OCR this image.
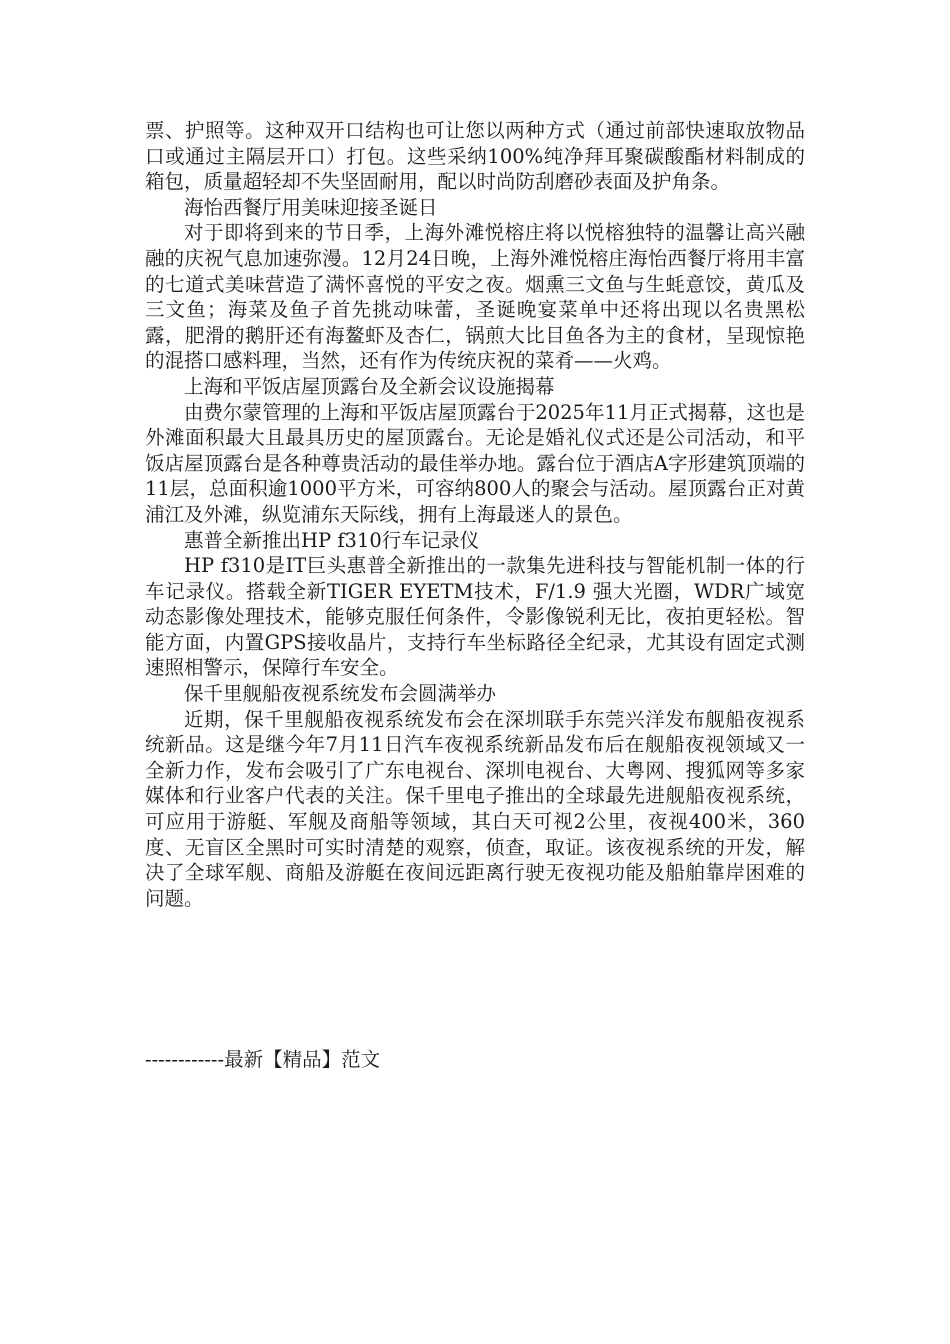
票、护照等。这种双开口结构也可让您以两种方式（通过前部快速取放物品口或通过主隔层开口）打包。这些采纳100%纯净拜耳聚碳酸酯材料制成的箱包，质量超轻却不失坚固耐用，配以时尚防刮磨砂表面及护角条。

海怡西餐厅用美味迎接圣诞日

对于即将到来的节日季，上海外滩悦榕庄将以悦榕独特的温馨让高兴融融的庆祝气息加速弥漫。12月24日晚，上海外滩悦榕庄海怡西餐厅将用丰富的七道式美味营造了满怀喜悦的平安之夜。烟熏三文鱼与生蚝意饺，黄瓜及三文鱼；海菜及鱼子首先挑动味蕾，圣诞晚宴菜单中还将出现以名贵黑松露，肥滑的鹅肝还有海鳌虾及杏仁，锅煎大比目鱼各为主的食材，呈现惊艳的混搭口感料理，当然，还有作为传统庆祝的菜肴——火鸡。

上海和平饭店屋顶露台及全新会议设施揭幕

由费尔蒙管理的上海和平饭店屋顶露台于2025年11月正式揭幕，这也是外滩面积最大且最具历史的屋顶露台。无论是婚礼仪式还是公司活动，和平饭店屋顶露台是各种尊贵活动的最佳举办地。露台位于酒店A字形建筑顶端的11层，总面积逾1000平方米，可容纳800人的聚会与活动。屋顶露台正对黄浦江及外滩，纵览浦东天际线，拥有上海最迷人的景色。

惠普全新推出HP f310行车记录仪

HP f310是IT巨头惠普全新推出的一款集先进科技与智能机制一体的行车记录仪。搭载全新TIGER EYETM技术，F/1.9 强大光圈，WDR广域宽动态影像处理技术，能够克服任何条件，令影像锐利无比，夜拍更轻松。智能方面，内置GPS接收晶片，支持行车坐标路径全纪录，尤其设有固定式测速照相警示，保障行车安全。

保千里舰船夜视系统发布会圆满举办

近期，保千里舰船夜视系统发布会在深圳联手东莞兴洋发布舰船夜视系统新品。这是继今年7月11日汽车夜视系统新品发布后在舰船夜视领域又一全新力作，发布会吸引了广东电视台、深圳电视台、大粤网、搜狐网等多家媒体和行业客户代表的关注。保千里电子推出的全球最先进舰船夜视系统，可应用于游艇、军舰及商船等领域，其白天可视2公里，夜视400米，360度、无盲区全黑时可实时清楚的观察，侦查，取证。该夜视系统的开发，解决了全球军舰、商船及游艇在夜间远距离行驶无夜视功能及船舶靠岸困难的问题。

------------最新【精品】范文
